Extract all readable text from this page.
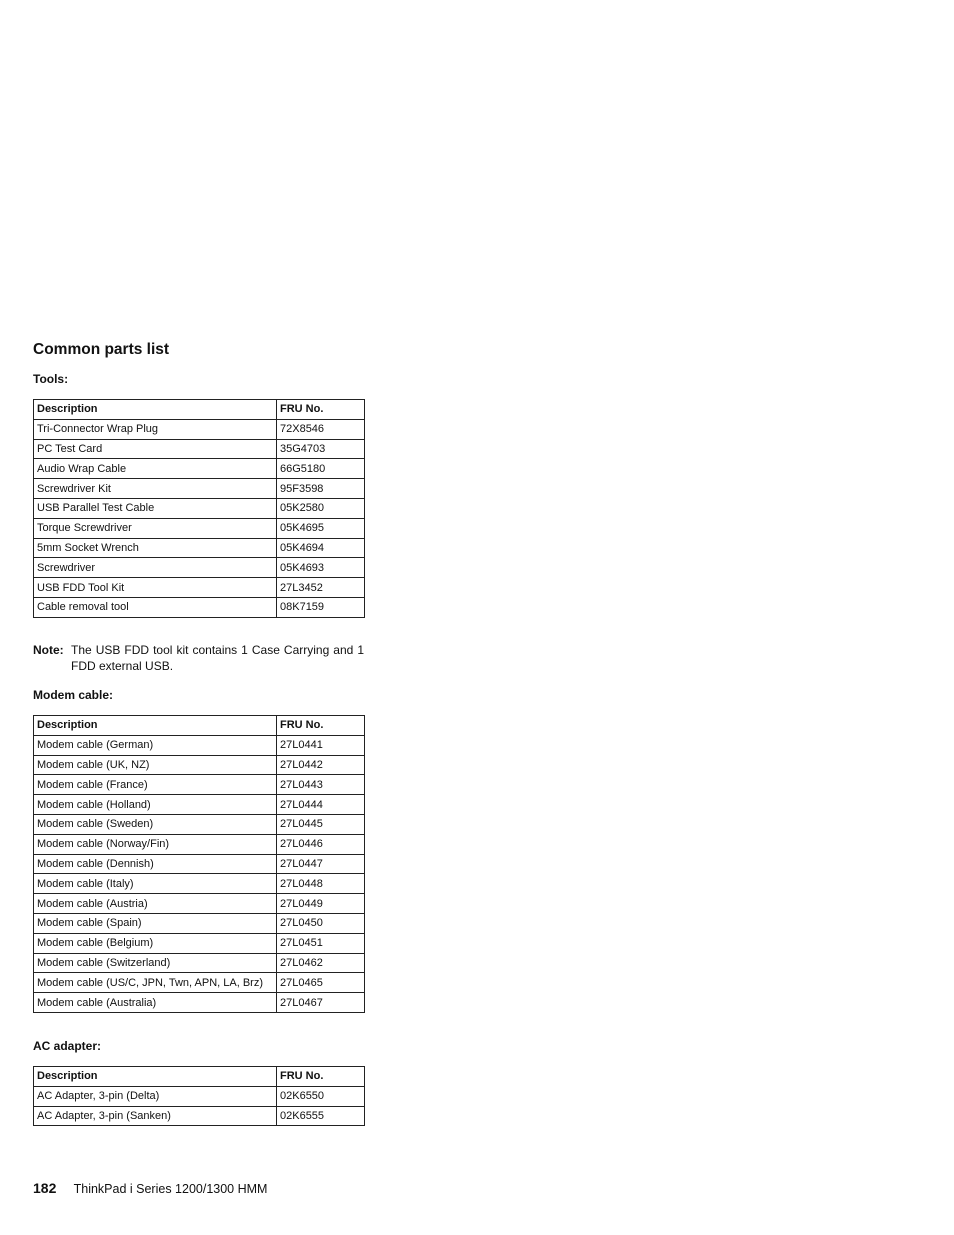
Common parts list
Tools:
Description	FRU No.
Tri-Connector Wrap Plug	72X8546
PC Test Card	35G4703
Audio Wrap Cable	66G5180
Screwdriver Kit	95F3598
USB Parallel Test Cable	05K2580
Torque Screwdriver	05K4695
5mm Socket Wrench	05K4694
Screwdriver	05K4693
USB FDD Tool Kit	27L3452
Cable removal tool	08K7159
Note: The USB FDD tool kit contains 1 Case Carrying and 1 FDD external USB.
Modem cable:
Description	FRU No.
Modem cable (German)	27L0441
Modem cable (UK, NZ)	27L0442
Modem cable (France)	27L0443
Modem cable (Holland)	27L0444
Modem cable (Sweden)	27L0445
Modem cable (Norway/Fin)	27L0446
Modem cable (Dennish)	27L0447
Modem cable (Italy)	27L0448
Modem cable (Austria)	27L0449
Modem cable (Spain)	27L0450
Modem cable (Belgium)	27L0451
Modem cable (Switzerland)	27L0462
Modem cable (US/C, JPN, Twn, APN, LA, Brz)	27L0465
Modem cable (Australia)	27L0467
AC adapter:
Description	FRU No.
AC Adapter, 3-pin (Delta)	02K6550
AC Adapter, 3-pin (Sanken)	02K6555
182 ThinkPad i Series 1200/1300 HMM
